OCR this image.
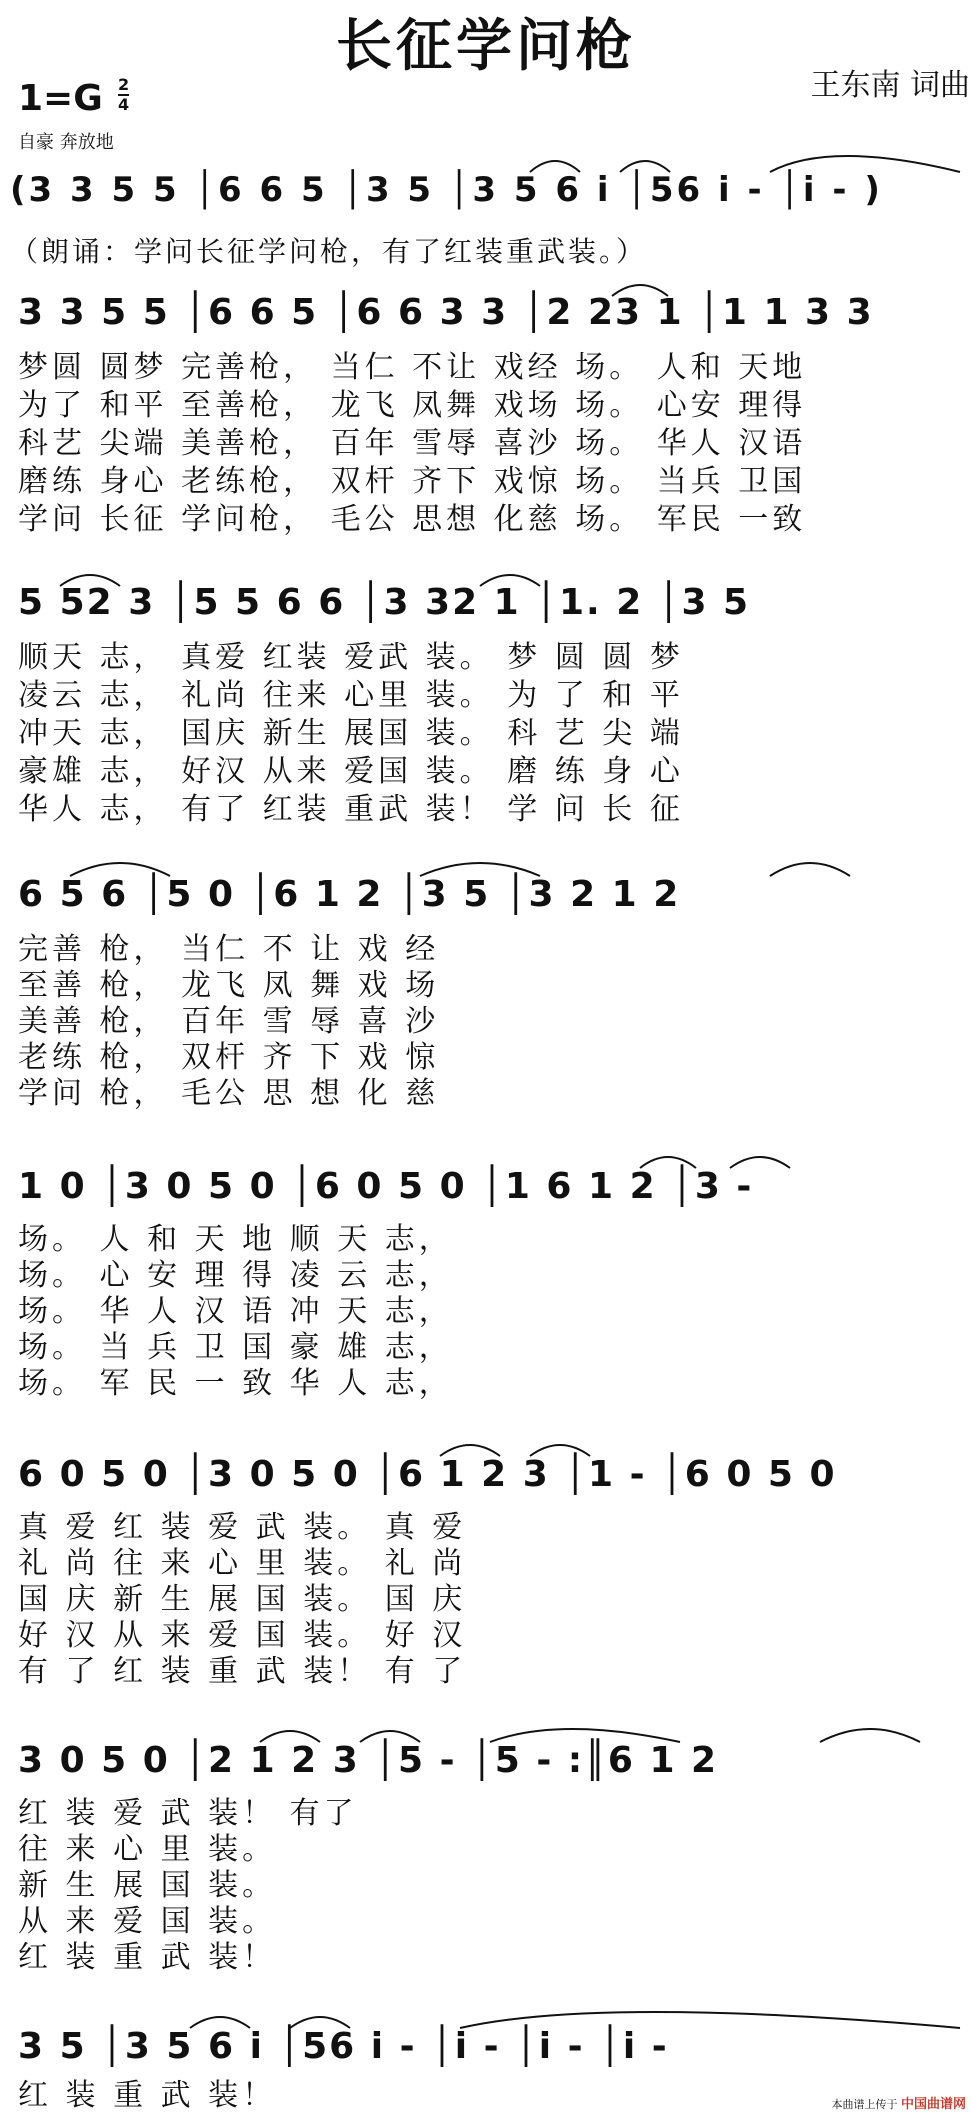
长征学问枪
王东南 词曲
1=G 2
4
自豪 奔放地
(3 3 5 5 │6 6 5 │3 5 │3 5 6 i │56 i - │i - )
（朗诵：学问长征学问枪，有了红装重武装。）
3 3 5 5 │6 6 5 │6 6 3 3 │2 23 1 │1 1 3 3
梦圆 圆梦 完善枪， 当仁 不让 戏经 场。 人和 天地
为了 和平 至善枪， 龙飞 凤舞 戏场 场。 心安 理得
科艺 尖端 美善枪， 百年 雪辱 喜沙 场。 华人 汉语
磨练 身心 老练枪， 双杆 齐下 戏惊 场。 当兵 卫国
学问 长征 学问枪， 毛公 思想 化慈 场。 军民 一致
5 52 3 │5 5 6 6 │3 32 1 │1. 2 │3 5
顺天 志， 真爱 红装 爱武 装。 梦 圆 圆 梦
凌云 志， 礼尚 往来 心里 装。 为 了 和 平
冲天 志， 国庆 新生 展国 装。 科 艺 尖 端
豪雄 志， 好汉 从来 爱国 装。 磨 练 身 心
华人 志， 有了 红装 重武 装！ 学 问 长 征
6 5 6 │5 0 │6 1 2 │3 5 │3 2 1 2
完善 枪， 当仁 不 让 戏 经
至善 枪， 龙飞 凤 舞 戏 场
美善 枪， 百年 雪 辱 喜 沙
老练 枪， 双杆 齐 下 戏 惊
学问 枪， 毛公 思 想 化 慈
1 0 │3 0 5 0 │6 0 5 0 │1 6 1 2 │3 -
场。 人 和 天 地 顺 天 志，
场。 心 安 理 得 凌 云 志，
场。 华 人 汉 语 冲 天 志，
场。 当 兵 卫 国 豪 雄 志，
场。 军 民 一 致 华 人 志，
6 0 5 0 │3 0 5 0 │6 1 2 3 │1 - │6 0 5 0
真 爱 红 装 爱 武 装。 真 爱
礼 尚 往 来 心 里 装。 礼 尚
国 庆 新 生 展 国 装。 国 庆
好 汉 从 来 爱 国 装。 好 汉
有 了 红 装 重 武 装！ 有 了
3 0 5 0 │2 1 2 3 │5 - │5 - :║6 1 2
红 装 爱 武 装！ 有了
往 来 心 里 装。
新 生 展 国 装。
从 来 爱 国 装。
红 装 重 武 装！
3 5 │3 5 6 i │56 i - │i - │i - │i -
红 装 重 武 装！	本曲谱上传于 中国曲谱网
